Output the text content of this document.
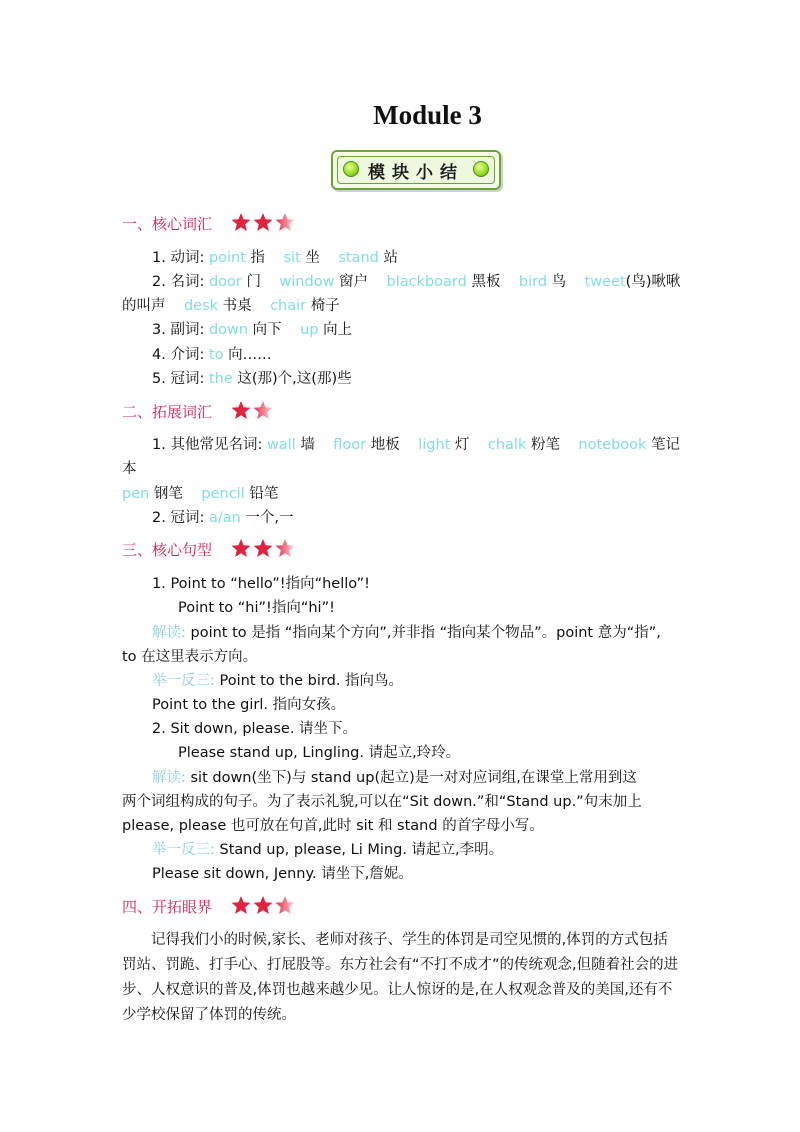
Module 3
模块小结
一、核心词汇
1. 动词: point 指 sit 坐 stand 站
2. 名词: door 门 window 窗户 blackboard 黑板 bird 鸟 tweet(鸟)啾啾
的叫声 desk 书桌 chair 椅子
3. 副词: down 向下 up 向上
4. 介词: to 向……
5. 冠词: the 这(那)个,这(那)些
二、拓展词汇
1. 其他常见名词: wall 墙 floor 地板 light 灯 chalk 粉笔 notebook 笔记
本
pen 钢笔 pencil 铅笔
2. 冠词: a/an 一个,一
三、核心句型
1. Point to “hello”!指向“hello”!
Point to “hi”!指向“hi”!
解读: point to 是指 “指向某个方向”,并非指 “指向某个物品”。point 意为“指”,
to 在这里表示方向。
举一反三: Point to the bird. 指向鸟。
Point to the girl. 指向女孩。
2. Sit down, please. 请坐下。
Please stand up, Lingling. 请起立,玲玲。
解读: sit down(坐下)与 stand up(起立)是一对对应词组,在课堂上常用到这
两个词组构成的句子。为了表示礼貌,可以在“Sit down.”和“Stand up.”句末加上
please, please 也可放在句首,此时 sit 和 stand 的首字母小写。
举一反三: Stand up, please, Li Ming. 请起立,李明。
Please sit down, Jenny. 请坐下,詹妮。
四、开拓眼界
记得我们小的时候,家长、老师对孩子、学生的体罚是司空见惯的,体罚的方式包括罚站、罚跪、打手心、打屁股等。东方社会有“不打不成才”的传统观念,但随着社会的进步、人权意识的普及,体罚也越来越少见。让人惊讶的是,在人权观念普及的美国,还有不少学校保留了体罚的传统。
